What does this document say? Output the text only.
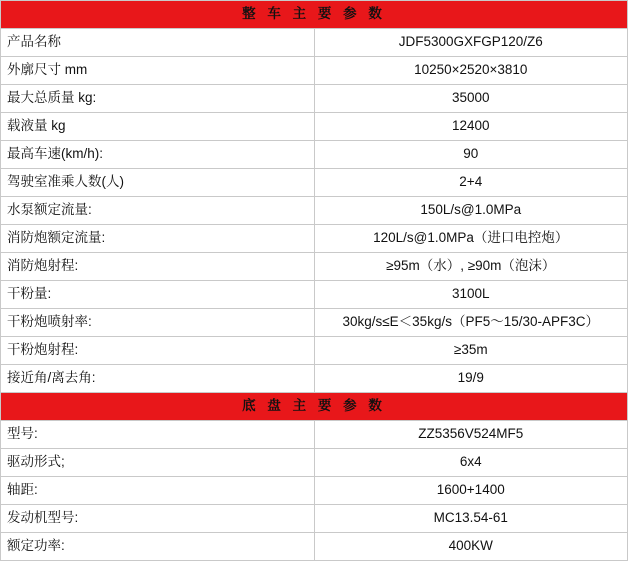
整 车 主 要 参 数	
产品名称	JDF5300GXFGP120/Z6
外廓尺寸 mm	10250×2520×3810
最大总质量 kg:	35000
载液量 kg	12400
最高车速(km/h):	90
驾驶室准乘人数(人)	2+4
水泵额定流量:	150L/s@1.0MPa
消防炮额定流量:	120L/s@1.0MPa（进口电控炮）
消防炮射程:	≥95m（水）, ≥90m（泡沫）
干粉量:	3100L
干粉炮喷射率:	30kg/s≤E＜35kg/s（PF5～15/30-APF3C）
干粉炮射程:	≥35m
接近角/离去角:	19/9
底 盘 主 要 参 数	
型号:	ZZ5356V524MF5
驱动形式;	6x4
轴距:	1600+1400
发动机型号:	MC13.54-61
额定功率:	400KW
